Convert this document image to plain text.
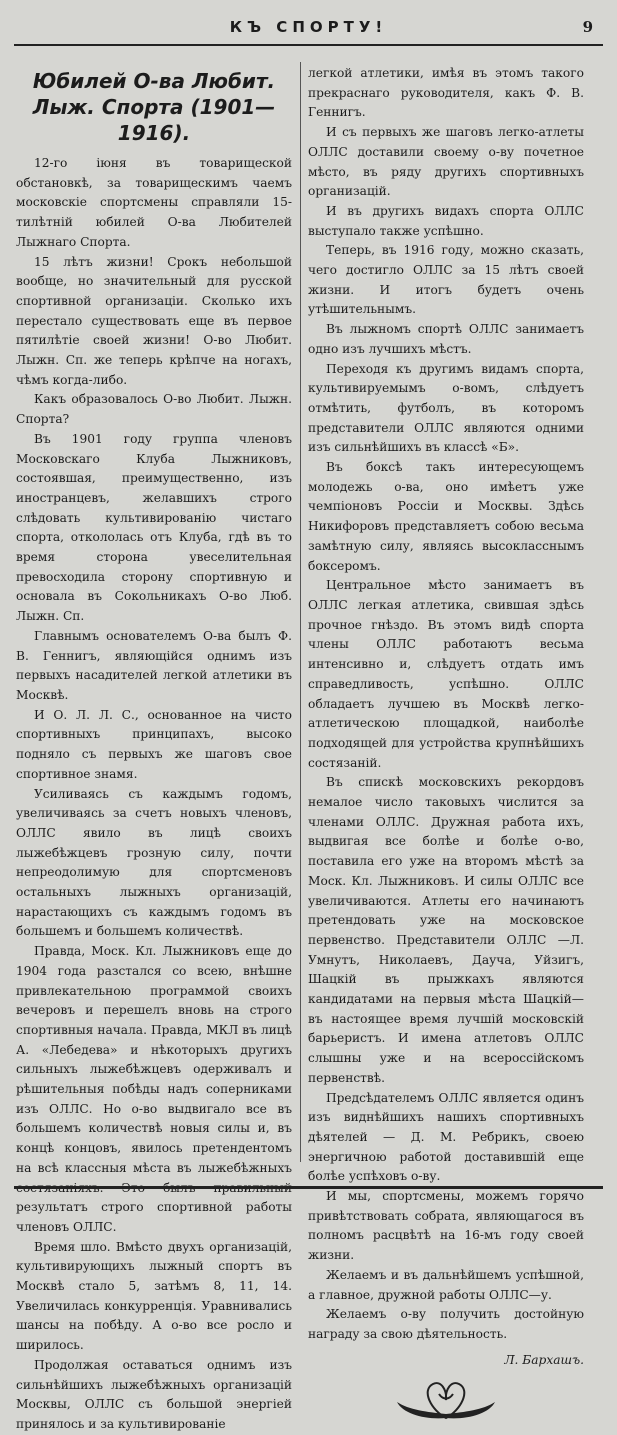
КЪ СПОРТУ!	9
Юбилей О-ва Любит. Лыж. Спорта (1901—1916).

12-го іюня въ товарищеской обстановкѣ, за товарищескимъ чаемъ московскіе спортсмены справляли 15-тилѣтній юбилей О-ва Любителей Лыжнаго Спорта.

15 лѣтъ жизни! Срокъ небольшой вообще, но значительный для русской спортивной организаціи. Сколько ихъ перестало существовать еще въ первое пятилѣтіе своей жизни! О-во Любит. Лыжн. Сп. же теперь крѣпче на ногахъ, чѣмъ когда-либо.

Какъ образовалось О-во Любит. Лыжн. Спорта?

Въ 1901 году группа членовъ Московскаго Клуба Лыжниковъ, состоявшая, преимущественно, изъ иностранцевъ, желавшихъ строго слѣдовать культивированію чистаго спорта, откололась отъ Клуба, гдѣ въ то время сторона увеселительная превосходила сторону спортивную и основала въ Сокольникахъ О-во Люб. Лыжн. Сп.

Главнымъ основателемъ О-ва былъ Ф. В. Геннигъ, являющійся однимъ изъ первыхъ насадителей легкой атлетики въ Москвѣ.

И О. Л. Л. С., основанное на чисто спортивныхъ принципахъ, высоко подняло съ первыхъ же шаговъ свое спортивное знамя.

Усиливаясь съ каждымъ годомъ, увеличиваясь за счетъ новыхъ членовъ, ОЛЛС явило въ лицѣ своихъ лыжебѣжцевъ грозную силу, почти непреодолимую для спортсменовъ остальныхъ лыжныхъ организацій, нарастающихъ съ каждымъ годомъ въ большемъ и большемъ количествѣ.

Правда, Моск. Кл. Лыжниковъ еще до 1904 года разстался со всею, внѣшне привлекательною программой своихъ вечеровъ и перешелъ вновь на строго спортивныя начала. Правда, МКЛ въ лицѣ А. «Лебедева» и нѣкоторыхъ другихъ сильныхъ лыжебѣжцевъ одерживалъ и рѣшительныя побѣды надъ соперниками изъ ОЛЛС. Но о-во выдвигало все въ большемъ количествѣ новыя силы и, въ концѣ концовъ, явилось претендентомъ на всѣ классныя мѣста въ лыжебѣжныхъ состязаніяхъ. Это былъ правильный результатъ строго спортивной работы членовъ ОЛЛС.

Время шло. Вмѣсто двухъ организацій, культивирующихъ лыжный спортъ въ Москвѣ стало 5, затѣмъ 8, 11, 14. Увеличилась конкурренція. Уравнивались шансы на побѣду. А о-во все росло и ширилось.

Продолжая оставаться однимъ изъ сильнѣйшихъ лыжебѣжныхъ организацій Москвы, ОЛЛС съ большой энергіей принялось и за культивированіе

легкой атлетики, имѣя въ этомъ такого прекраснаго руководителя, какъ Ф. В. Геннигъ.

И съ первыхъ же шаговъ легко-атлеты ОЛЛС доставили своему о-ву почетное мѣсто, въ ряду другихъ спортивныхъ организацій.

И въ другихъ видахъ спорта ОЛЛС выступало также успѣшно.

Теперь, въ 1916 году, можно сказать, чего достигло ОЛЛС за 15 лѣтъ своей жизни. И итогъ будетъ очень утѣшительнымъ.

Въ лыжномъ спортѣ ОЛЛС занимаетъ одно изъ лучшихъ мѣстъ.

Переходя къ другимъ видамъ спорта, культивируемымъ о-вомъ, слѣдуетъ отмѣтить, футболъ, въ которомъ представители ОЛЛС являются одними изъ сильнѣйшихъ въ классѣ «Б».

Въ боксѣ такъ интересующемъ молодежь о-ва, оно имѣетъ уже чемпіоновъ Россіи и Москвы. Здѣсь Никифоровъ представляетъ собою весьма замѣтную силу, являясь высокласснымъ боксеромъ.

Центральное мѣсто занимаетъ въ ОЛЛС легкая атлетика, свившая здѣсь прочное гнѣздо. Въ этомъ видѣ спорта члены ОЛЛС работаютъ весьма интенсивно и, слѣдуетъ отдать имъ справедливость, успѣшно. ОЛЛС обладаетъ лучшею въ Москвѣ легко-атлетическою площадкой, наиболѣе подходящей для устройства крупнѣйшихъ состязаній.

Въ спискѣ московскихъ рекордовъ немалое число таковыхъ числится за членами ОЛЛС. Дружная работа ихъ, выдвигая все болѣе и болѣе о-во, поставила его уже на второмъ мѣстѣ за Моск. Кл. Лыжниковъ. И силы ОЛЛС все увеличиваются. Атлеты его начинаютъ претендовать уже на московское первенство. Представители ОЛЛС —Л. Умнутъ, Николаевъ, Дауча, Уйзигъ, Шацкій въ прыжкахъ являются кандидатами на первыя мѣста Шацкій—въ настоящее время лучшій московскій барьеристъ. И имена атлетовъ ОЛЛС слышны уже и на всероссійскомъ первенствѣ.

Предсѣдателемъ ОЛЛС является одинъ изъ виднѣйшихъ нашихъ спортивныхъ дѣятелей — Д. М. Ребрикъ, своею энергичною работой доставившій еще болѣе успѣховъ о-ву.

И мы, спортсмены, можемъ горячо привѣтствовать собрата, являющагося въ полномъ расцвѣтѣ на 16-мъ году своей жизни.

Желаемъ и въ дальнѣйшемъ успѣшной, а главное, дружной работы ОЛЛС—у.

Желаемъ о-ву получить достойную награду за свою дѣятельность.

Л. Бархашъ.
